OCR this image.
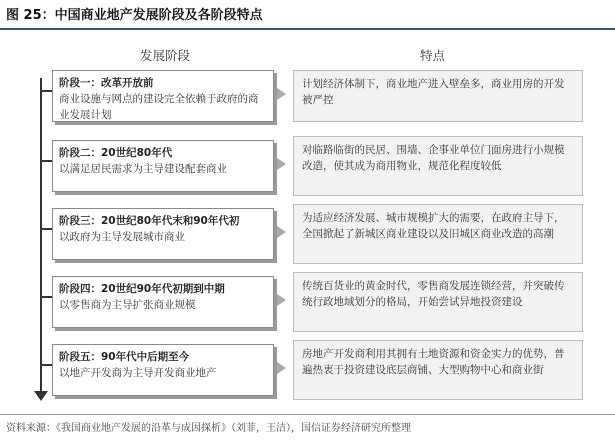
图 25：中国商业地产发展阶段及各阶段特点
发展阶段	特点
阶段一：改革开放前
商业设施与网点的建设完全依赖于政府的商业发展计划
计划经济体制下，商业地产进入壁垒多，商业用房的开发被严控
阶段二：20世纪80年代
以满足居民需求为主导建设配套商业
对临路临街的民居、围墙、企事业单位门面房进行小规模改造，使其成为商用物业，规范化程度较低
阶段三：20世纪80年代末和90年代初
以政府为主导发展城市商业
为适应经济发展、城市规模扩大的需要，在政府主导下，全国掀起了新城区商业建设以及旧城区商业改造的高潮
阶段四：20世纪90年代初期到中期
以零售商为主导扩张商业规模
传统百货业的黄金时代，零售商发展连锁经营，并突破传统行政地域划分的格局，开始尝试异地投资建设
阶段五：90年代中后期至今
以地产开发商为主导开发商业地产
房地产开发商利用其拥有土地资源和资金实力的优势，普遍热衷于投资建设底层商铺、大型购物中心和商业街
资料来源：《我国商业地产发展的沿革与成因探析》（刘菲，王洁），国信证券经济研究所整理
